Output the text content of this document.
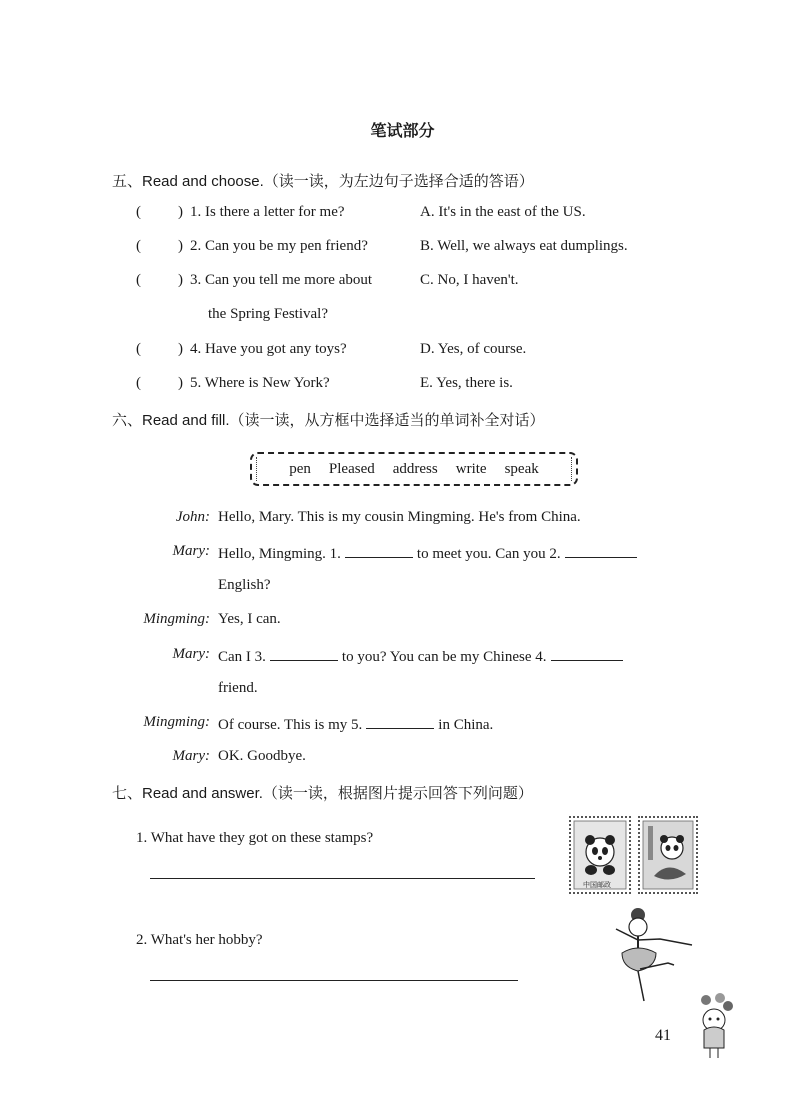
笔试部分
五、Read and choose.（读一读，为左边句子选择合适的答语）
( ) 1. Is there a letter for me?	A. It's in the east of the US.
( ) 2. Can you be my pen friend?	B. Well, we always eat dumplings.
( ) 3. Can you tell me more about	C. No, I haven't.
the Spring Festival?
( ) 4. Have you got any toys?	D. Yes, of course.
( ) 5. Where is New York?	E. Yes, there is.
六、Read and fill.（读一读，从方框中选择适当的单词补全对话）
pen Pleased address write speak
John: Hello, Mary. This is my cousin Mingming. He's from China.
Mary: Hello, Mingming. 1.	to meet you. Can you 2.
English?
Mingming: Yes, I can.
Mary: Can I 3.	to you? You can be my Chinese 4.
friend.
Mingming: Of course. This is my 5.	in China.
Mary: OK. Goodbye.
七、Read and answer.（读一读，根据图片提示回答下列问题）
1. What have they got on these stamps?
2. What's her hobby?
中国邮政
41
